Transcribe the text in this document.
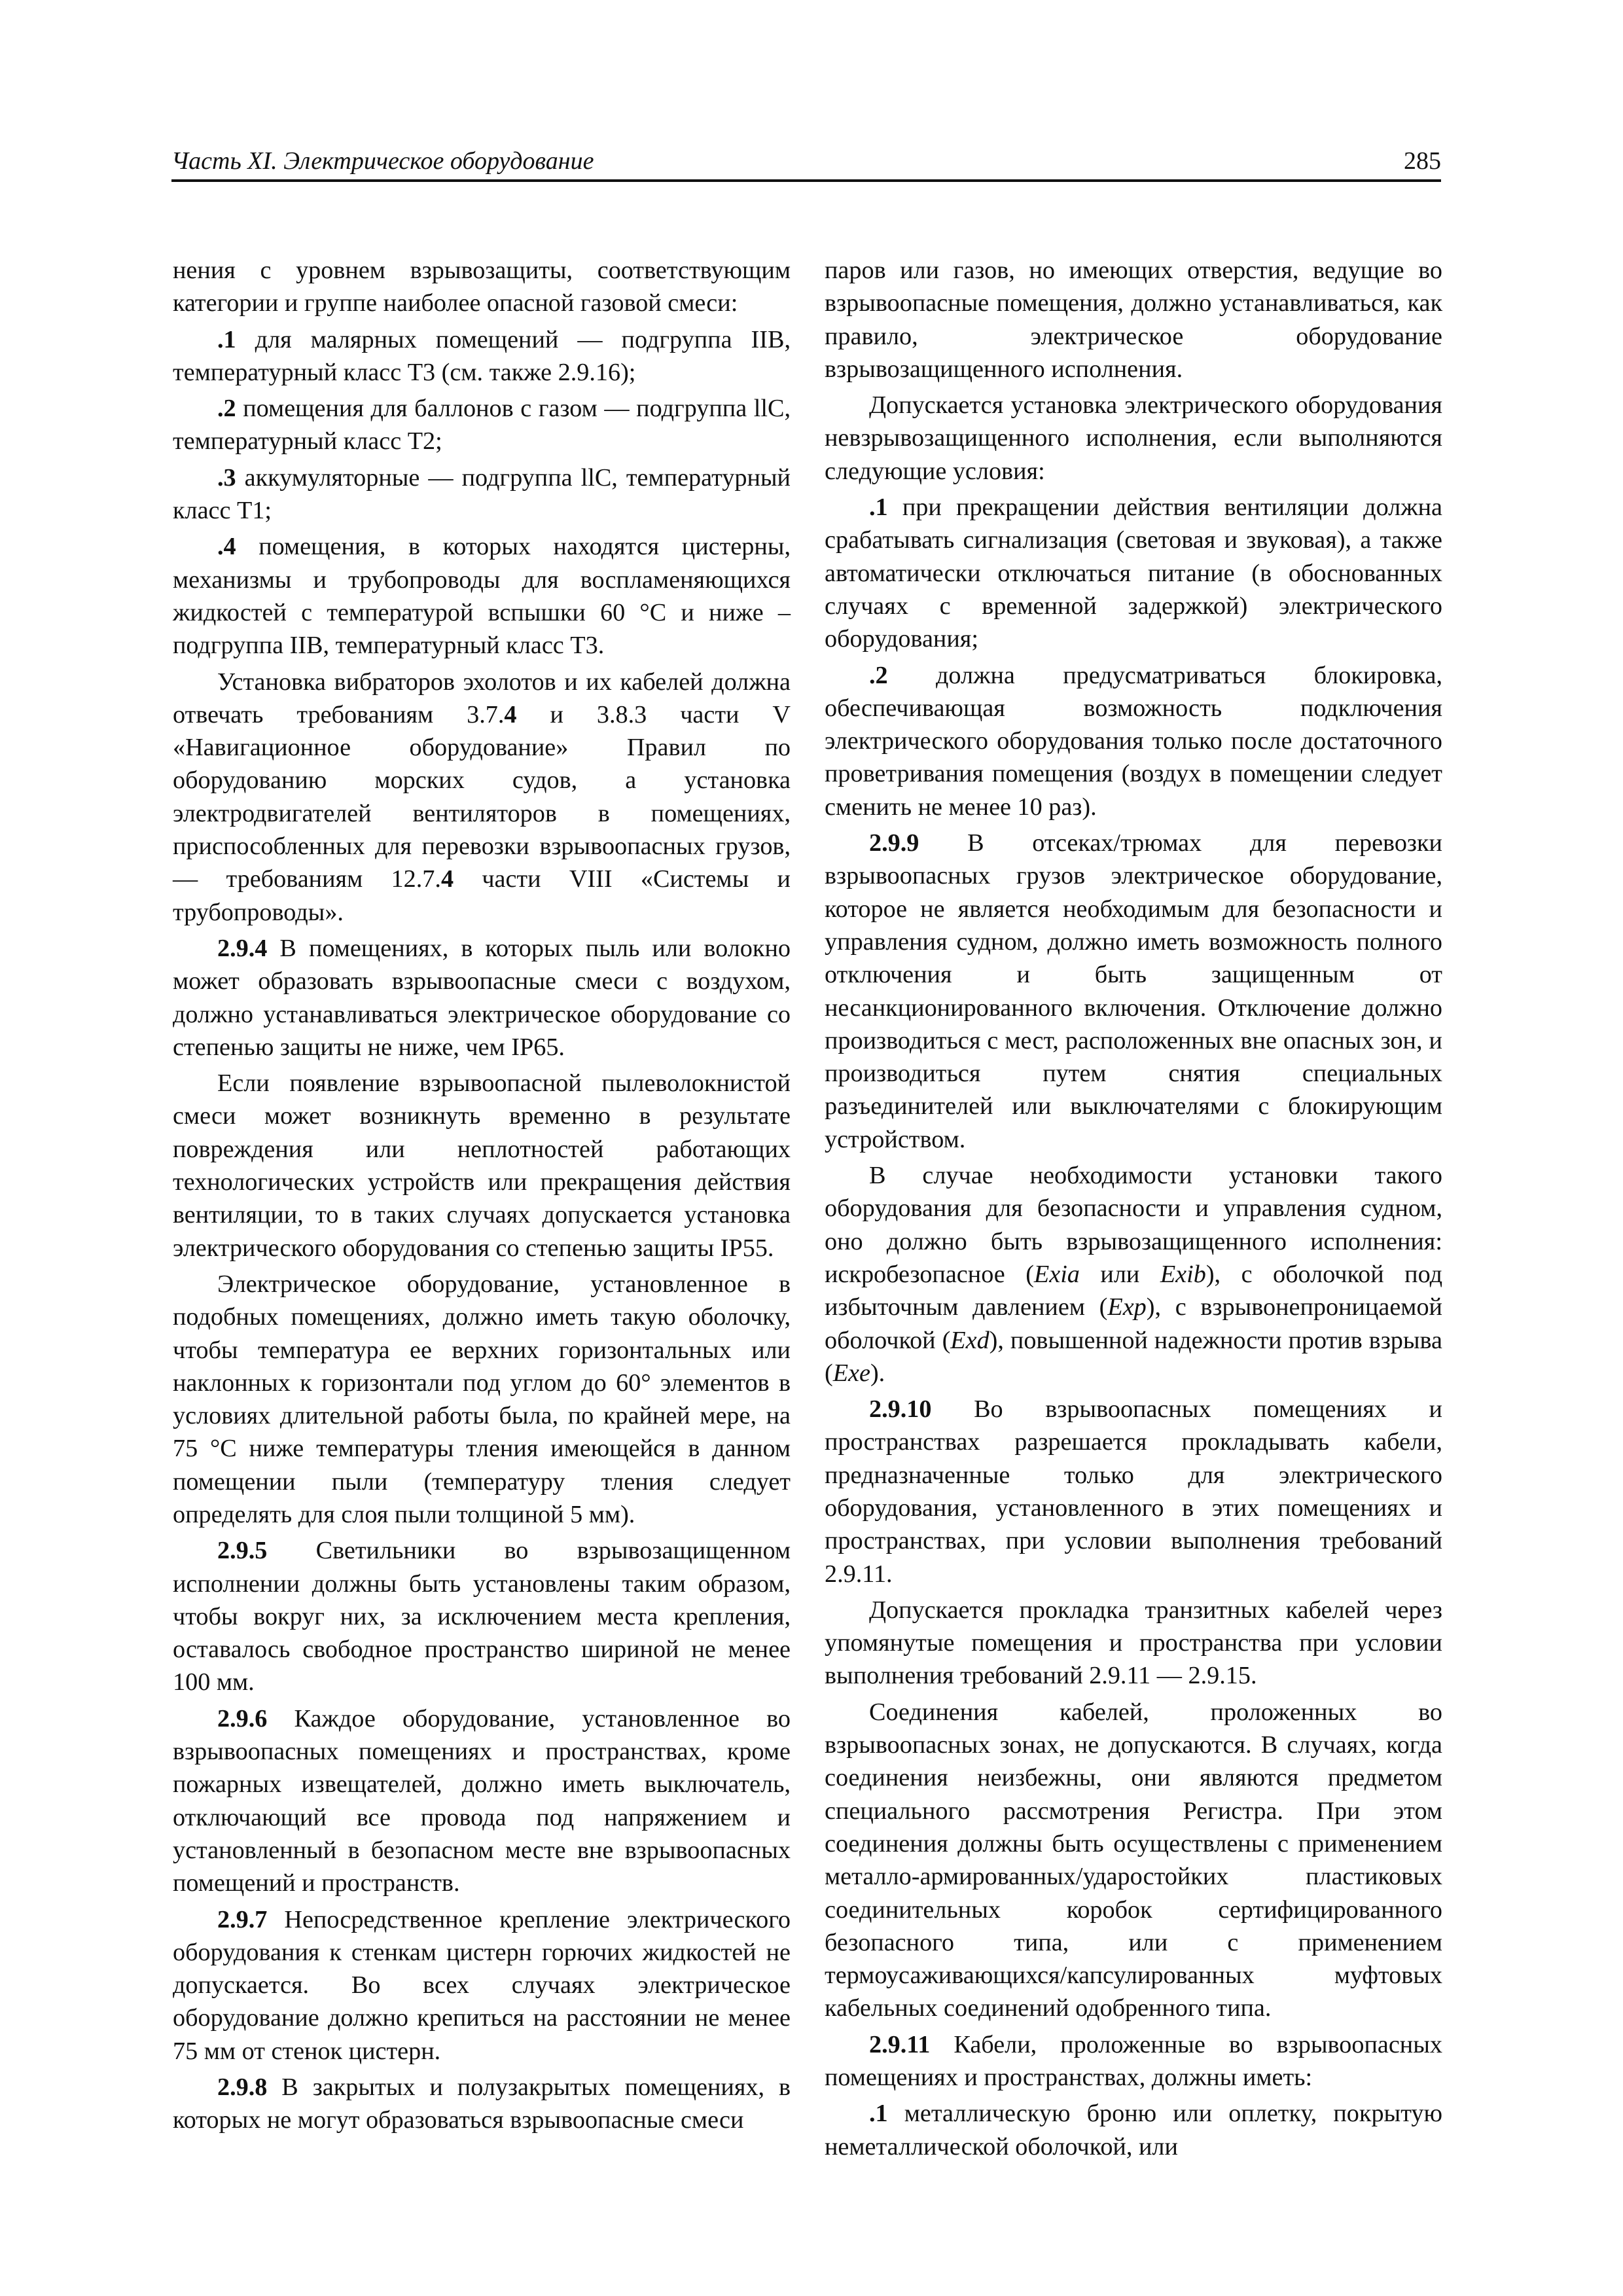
Часть XI. Электрическое оборудование	285

нения с уровнем взрывозащиты, соответствующим категории и группе наиболее опасной газовой смеси:

.1 для малярных помещений — подгруппа IIB, температурный класс T3 (см. также 2.9.16);

.2 помещения для баллонов с газом — подгруппа llC, температурный класс T2;

.3 аккумуляторные — подгруппа llC, температурный класс T1;

.4 помещения, в которых находятся цистерны, механизмы и трубопроводы для воспламеняющихся жидкостей с температурой вспышки 60 °C и ниже – подгруппа IIB, температурный класс T3.

Установка вибраторов эхолотов и их кабелей должна отвечать требованиям 3.7.4 и 3.8.3 части V «Навигационное оборудование» Правил по оборудованию морских судов, а установка электродвигателей вентиляторов в помещениях, приспособленных для перевозки взрывоопасных грузов, — требованиям 12.7.4 части VIII «Системы и трубопроводы».

2.9.4 В помещениях, в которых пыль или волокно может образовать взрывоопасные смеси с воздухом, должно устанавливаться электрическое оборудование со степенью защиты не ниже, чем IP65.

Если появление взрывоопасной пылеволокнистой смеси может возникнуть временно в результате повреждения или неплотностей работающих технологических устройств или прекращения действия вентиляции, то в таких случаях допускается установка электрического оборудования со степенью защиты IP55.

Электрическое оборудование, установленное в подобных помещениях, должно иметь такую оболочку, чтобы температура ее верхних горизонтальных или наклонных к горизонтали под углом до 60° элементов в условиях длительной работы была, по крайней мере, на 75 °C ниже температуры тления имеющейся в данном помещении пыли (температуру тления следует определять для слоя пыли толщиной 5 мм).

2.9.5 Светильники во взрывозащищенном исполнении должны быть установлены таким образом, чтобы вокруг них, за исключением места крепления, оставалось свободное пространство шириной не менее 100 мм.

2.9.6 Каждое оборудование, установленное во взрывоопасных помещениях и пространствах, кроме пожарных извещателей, должно иметь выключатель, отключающий все провода под напряжением и установленный в безопасном месте вне взрывоопасных помещений и пространств.

2.9.7 Непосредственное крепление электрического оборудования к стенкам цистерн горючих жидкостей не допускается. Во всех случаях электрическое оборудование должно крепиться на расстоянии не менее 75 мм от стенок цистерн.

2.9.8 В закрытых и полузакрытых помещениях, в которых не могут образоваться взрывоопасные смеси

паров или газов, но имеющих отверстия, ведущие во взрывоопасные помещения, должно устанавливаться, как правило, электрическое оборудование взрывозащищенного исполнения.

Допускается установка электрического оборудования невзрывозащищенного исполнения, если выполняются следующие условия:

.1 при прекращении действия вентиляции должна срабатывать сигнализация (световая и звуковая), а также автоматически отключаться питание (в обоснованных случаях с временной задержкой) электрического оборудования;

.2 должна предусматриваться блокировка, обеспечивающая возможность подключения электрического оборудования только после достаточного проветривания помещения (воздух в помещении следует сменить не менее 10 раз).

2.9.9 В отсеках/трюмах для перевозки взрывоопасных грузов электрическое оборудование, которое не является необходимым для безопасности и управления судном, должно иметь возможность полного отключения и быть защищенным от несанкционированного включения. Отключение должно производиться с мест, расположенных вне опасных зон, и производиться путем снятия специальных разъединителей или выключателями с блокирующим устройством.

В случае необходимости установки такого оборудования для безопасности и управления судном, оно должно быть взрывозащищенного исполнения: искробезопасное (Exia или Exib), с оболочкой под избыточным давлением (Exp), с взрывонепроницаемой оболочкой (Exd), повышенной надежности против взрыва (Exe).

2.9.10 Во взрывоопасных помещениях и пространствах разрешается прокладывать кабели, предназначенные только для электрического оборудования, установленного в этих помещениях и пространствах, при условии выполнения требований 2.9.11.

Допускается прокладка транзитных кабелей через упомянутые помещения и пространства при условии выполнения требований 2.9.11 — 2.9.15.

Соединения кабелей, проложенных во взрывоопасных зонах, не допускаются. В случаях, когда соединения неизбежны, они являются предметом специального рассмотрения Регистра. При этом соединения должны быть осуществлены с применением металло-армированных/ударостойких пластиковых соединительных коробок сертифицированного безопасного типа, или с применением термоусаживающихся/капсулированных муфтовых кабельных соединений одобренного типа.

2.9.11 Кабели, проложенные во взрывоопасных помещениях и пространствах, должны иметь:

.1 металлическую броню или оплетку, покрытую неметаллической оболочкой, или
